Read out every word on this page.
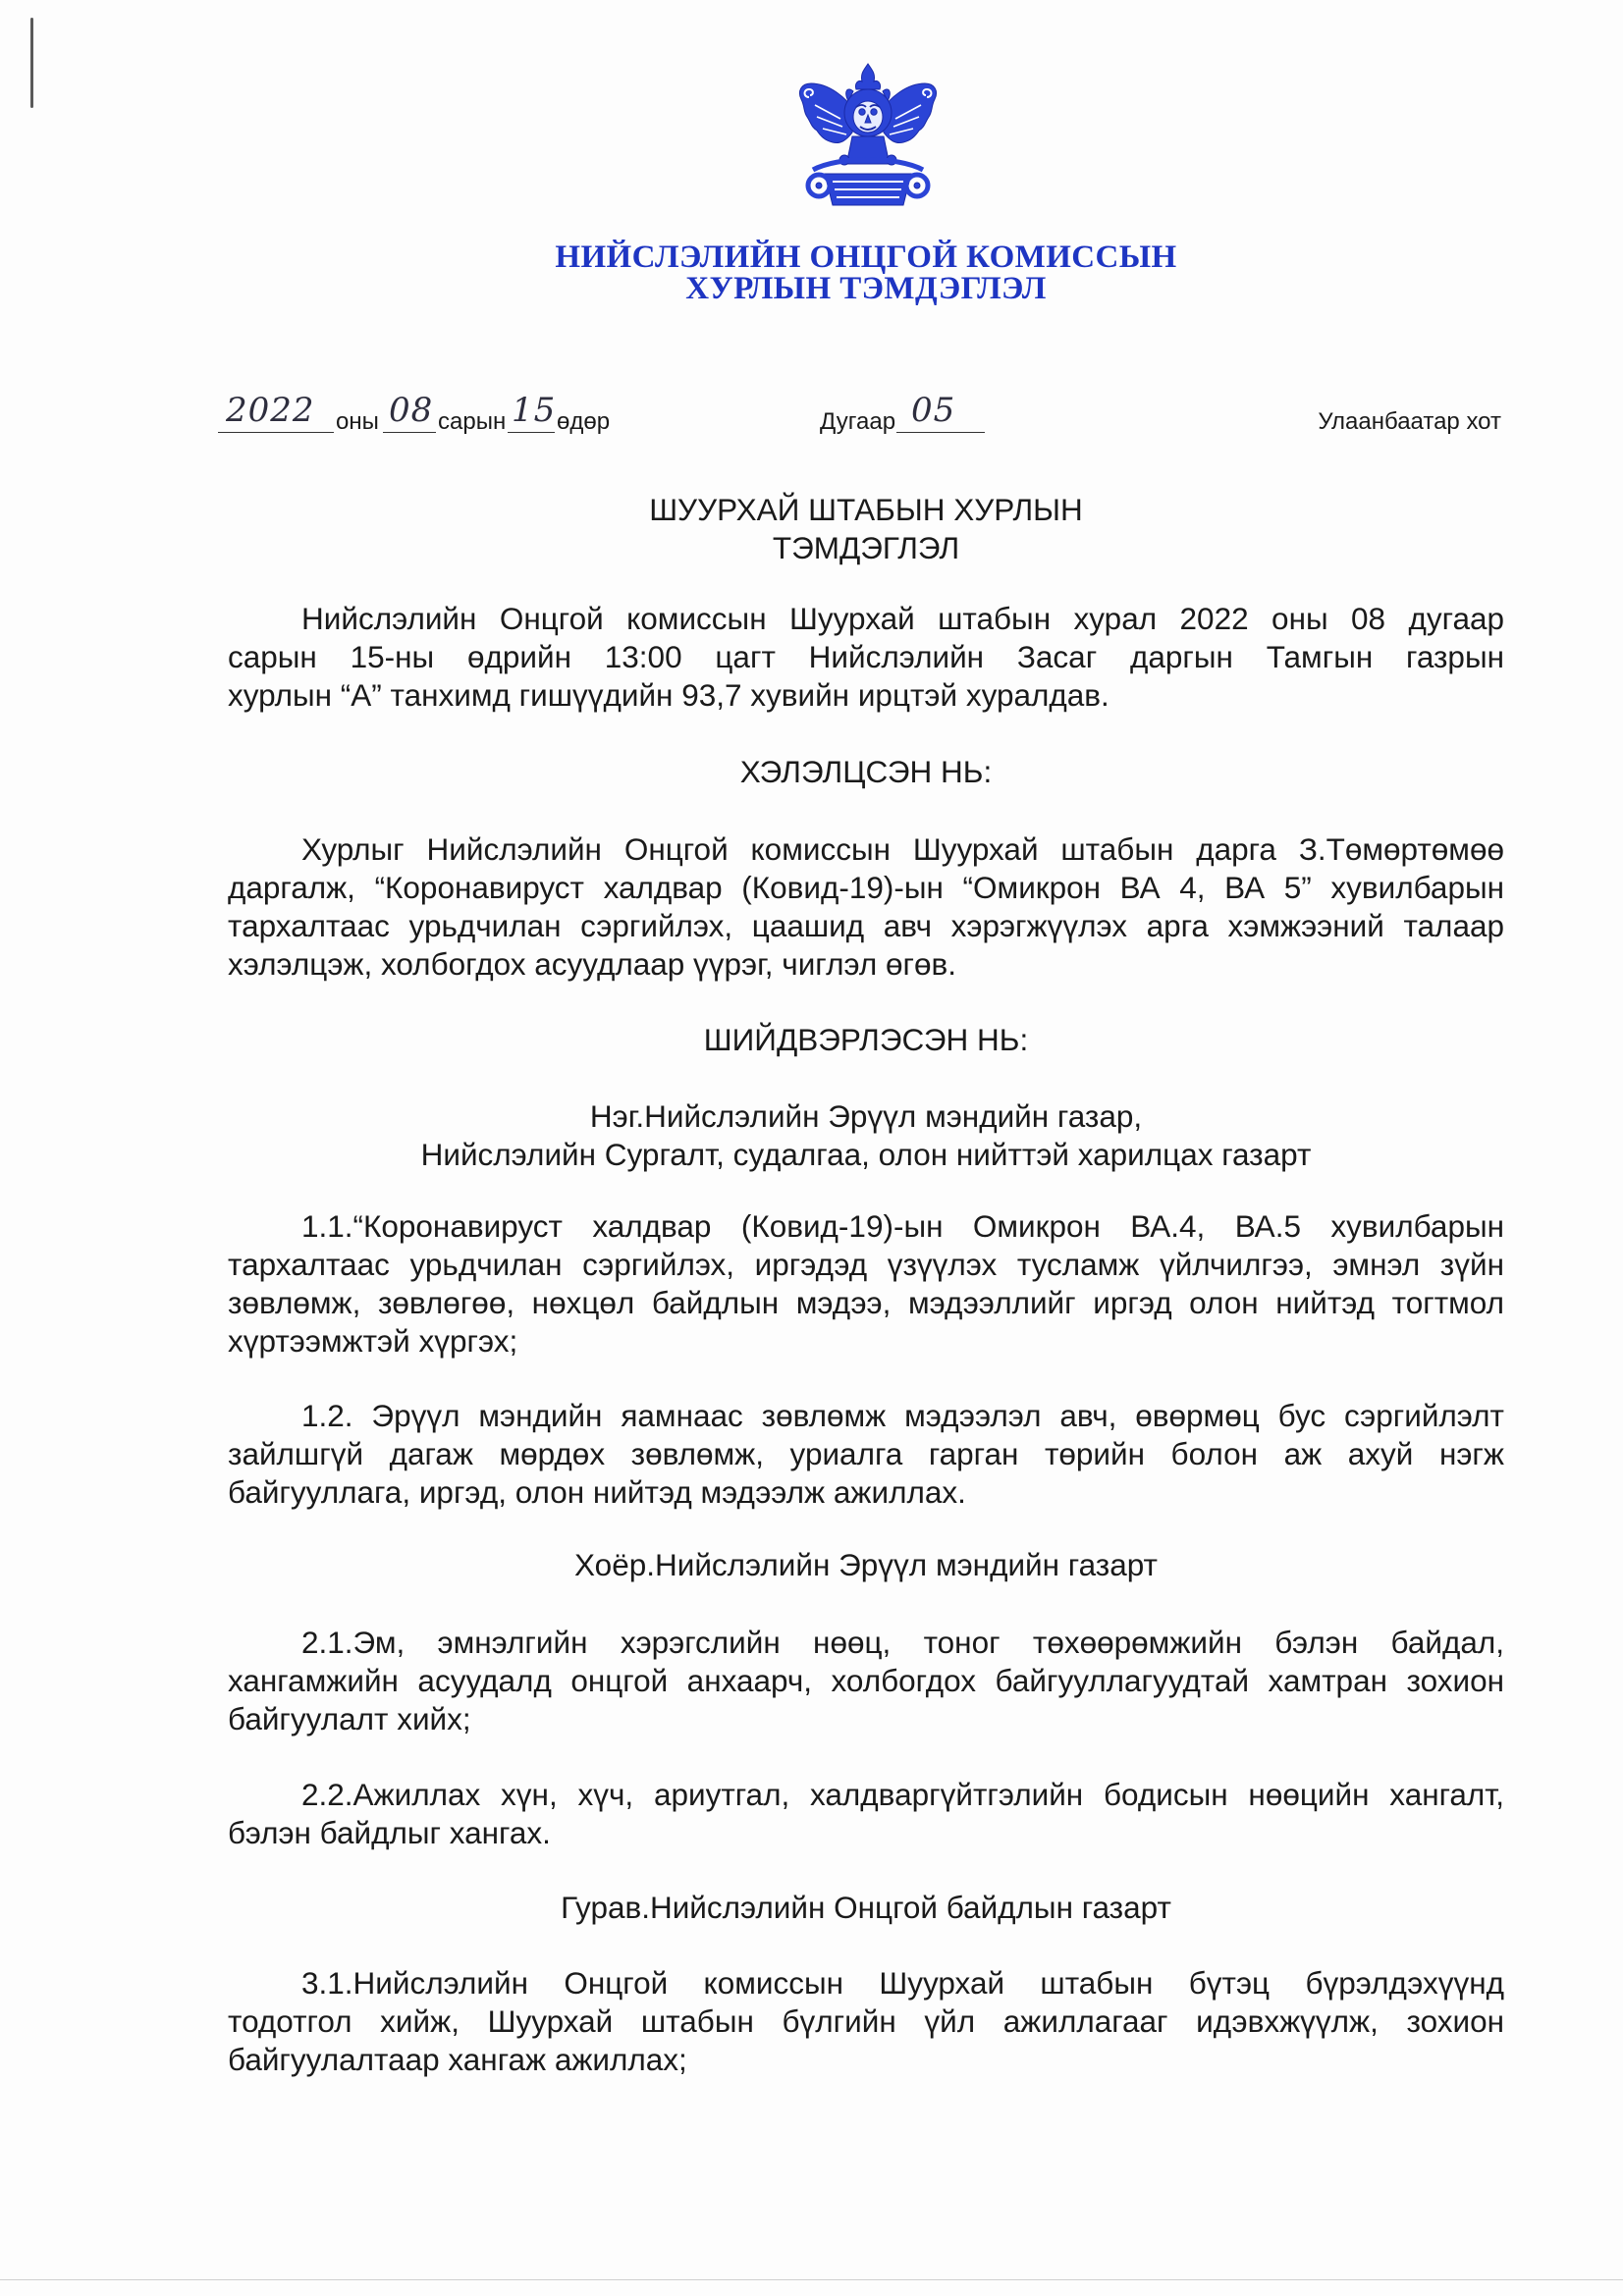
НИЙСЛЭЛИЙН ОНЦГОЙ КОМИССЫН
ХУРЛЫН ТЭМДЭГЛЭЛ
2022 оны 08 сарын 15 өдөр	Дугаар 05	Улаанбаатар хот
ШУУРХАЙ ШТАБЫН ХУРЛЫН
ТЭМДЭГЛЭЛ
Нийслэлийн Онцгой комиссын Шуурхай штабын хурал 2022 оны 08 дугаар
сарын 15-ны өдрийн 13:00 цагт Нийслэлийн Засаг даргын Тамгын газрын
хурлын “А” танхимд гишүүдийн 93,7 хувийн ирцтэй хуралдав.
ХЭЛЭЛЦСЭН НЬ:
Хурлыг Нийслэлийн Онцгой комиссын Шуурхай штабын дарга З.Төмөртөмөө
даргалж, “Коронавируст халдвар (Ковид-19)-ын “Омикрон ВА 4, ВА 5” хувилбарын
тархалтаас урьдчилан сэргийлэх, цаашид авч хэрэгжүүлэх арга хэмжээний талаар
хэлэлцэж, холбогдох асуудлаар үүрэг, чиглэл өгөв.
ШИЙДВЭРЛЭСЭН НЬ:
Нэг.Нийслэлийн Эрүүл мэндийн газар,
Нийслэлийн Сургалт, судалгаа, олон нийттэй харилцах газарт
1.1.“Коронавируст халдвар (Ковид-19)-ын Омикрон ВА.4, ВА.5 хувилбарын
тархалтаас урьдчилан сэргийлэх, иргэдэд үзүүлэх тусламж үйлчилгээ, эмнэл зүйн
зөвлөмж, зөвлөгөө, нөхцөл байдлын мэдээ, мэдээллийг иргэд олон нийтэд тогтмол
хүртээмжтэй хүргэх;
1.2. Эрүүл мэндийн яамнаас зөвлөмж мэдээлэл авч, өвөрмөц бус сэргийлэлт
зайлшгүй дагаж мөрдөх зөвлөмж, уриалга гарган төрийн болон аж ахуй нэгж
байгууллага, иргэд, олон нийтэд мэдээлж ажиллах.
Хоёр.Нийслэлийн Эрүүл мэндийн газарт
2.1.Эм, эмнэлгийн хэрэгслийн нөөц, тоног төхөөрөмжийн бэлэн байдал,
хангамжийн асуудалд онцгой анхаарч, холбогдох байгууллагуудтай хамтран зохион
байгуулалт хийх;
2.2.Ажиллах хүн, хүч, ариутгал, халдваргүйтгэлийн бодисын нөөцийн хангалт,
бэлэн байдлыг хангах.
Гурав.Нийслэлийн Онцгой байдлын газарт
3.1.Нийслэлийн Онцгой комиссын Шуурхай штабын бүтэц бүрэлдэхүүнд
тодотгол хийж, Шуурхай штабын бүлгийн үйл ажиллагааг идэвхжүүлж, зохион
байгуулалтаар хангаж ажиллах;
